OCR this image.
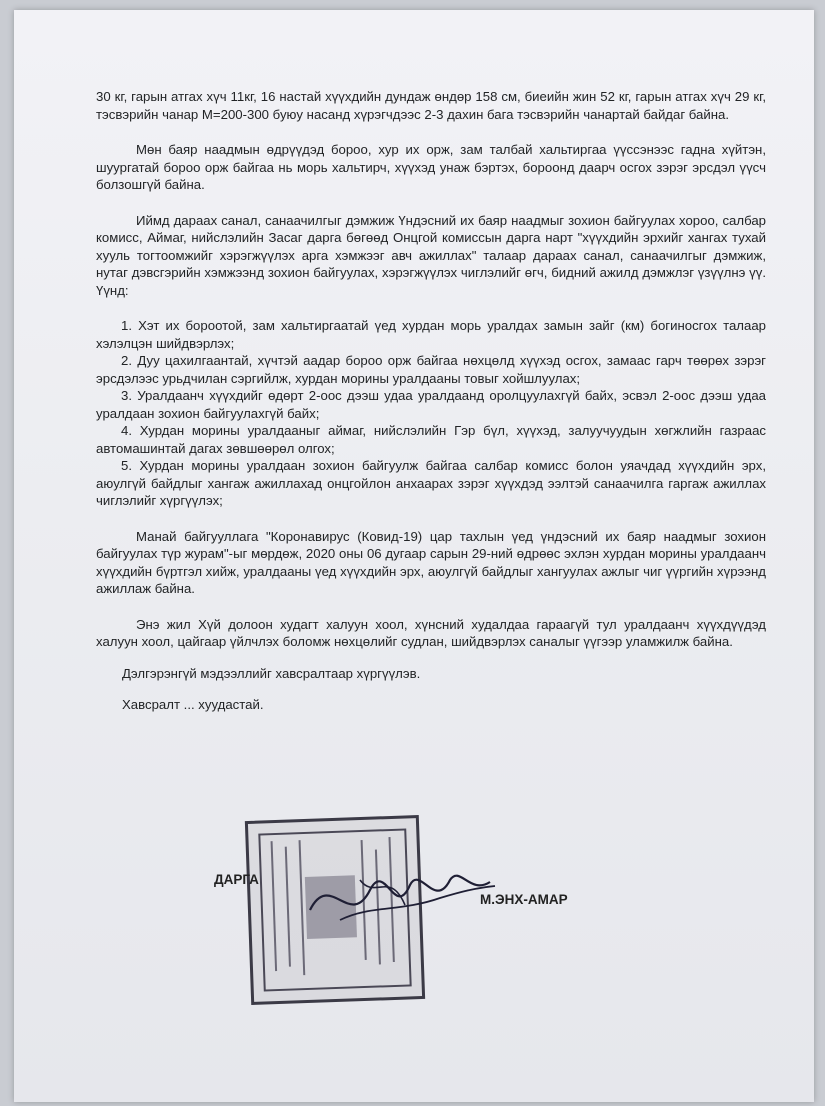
30 кг, гарын атгах хүч 11кг, 16 настай хүүхдийн дундаж өндөр 158 см, биеийн жин 52 кг, гарын атгах хүч 29 кг, тэсвэрийн чанар М=200-300 буюу насанд хүрэгчдээс 2-3 дахин бага тэсвэрийн чанартай байдаг байна.

Мөн баяр наадмын өдрүүдэд бороо, хур их орж, зам талбай хальтиргаа үүссэнээс гадна хүйтэн, шуургатай бороо орж байгаа нь морь хальтирч, хүүхэд унаж бэртэх, бороонд даарч осгох зэрэг эрсдэл үүсч болзошгүй байна.

Иймд дараах санал, санаачилгыг дэмжиж Үндэсний их баяр наадмыг зохион байгуулах хороо, салбар комисс, Аймаг, нийслэлийн Засаг дарга бөгөөд Онцгой комиссын дарга нарт "хүүхдийн эрхийг хангах тухай хууль тогтоомжийг хэрэгжүүлэх арга хэмжээг авч ажиллах" талаар дараах санал, санаачилгыг дэмжиж, нутаг дэвсгэрийн хэмжээнд зохион байгуулах, хэрэгжүүлэх чиглэлийг өгч, бидний ажилд дэмжлэг үзүүлнэ үү. Үүнд:

1. Хэт их бороотой, зам хальтиргаатай үед хурдан морь уралдах замын зайг (км) богиносгох талаар хэлэлцэн шийдвэрлэх;

2. Дуу цахилгаантай, хүчтэй аадар бороо орж байгаа нөхцөлд хүүхэд осгох, замаас гарч төөрөх зэрэг эрсдэлээс урьдчилан сэргийлж, хурдан морины уралдааны товыг хойшлуулах;

3. Уралдаанч хүүхдийг өдөрт 2-оос дээш удаа уралдаанд оролцуулахгүй байх, эсвэл 2-оос дээш удаа уралдаан зохион байгуулахгүй байх;

4. Хурдан морины уралдааныг аймаг, нийслэлийн Гэр бүл, хүүхэд, залуучуудын хөгжлийн газраас автомашинтай дагах зөвшөөрөл олгох;

5. Хурдан морины уралдаан зохион байгуулж байгаа салбар комисс болон уяачдад хүүхдийн эрх, аюулгүй байдлыг хангаж ажиллахад онцгойлон анхаарах зэрэг хүүхдэд ээлтэй санаачилга гаргаж ажиллах чиглэлийг хүргүүлэх;

Манай байгууллага "Коронавирус (Ковид-19) цар тахлын үед үндэсний их баяр наадмыг зохион байгуулах түр журам"-ыг мөрдөж, 2020 оны 06 дугаар сарын 29-ний өдрөөс эхлэн хурдан морины уралдаанч хүүхдийн бүртгэл хийж, уралдааны үед хүүхдийн эрх, аюулгүй байдлыг хангуулах ажлыг чиг үүргийн хүрээнд ажиллаж байна.

Энэ жил Хүй долоон худагт халуун хоол, хүнсний худалдаа гараагүй тул уралдаанч хүүхдүүдэд халуун хоол, цайгаар үйлчлэх боломж нөхцөлийг судлан, шийдвэрлэх саналыг үүгээр уламжилж байна.

Дэлгэрэнгүй мэдээллийг хавсралтаар хүргүүлэв.

Хавсралт ... хуудастай.

ДАРГА
М.ЭНХ-АМАР
